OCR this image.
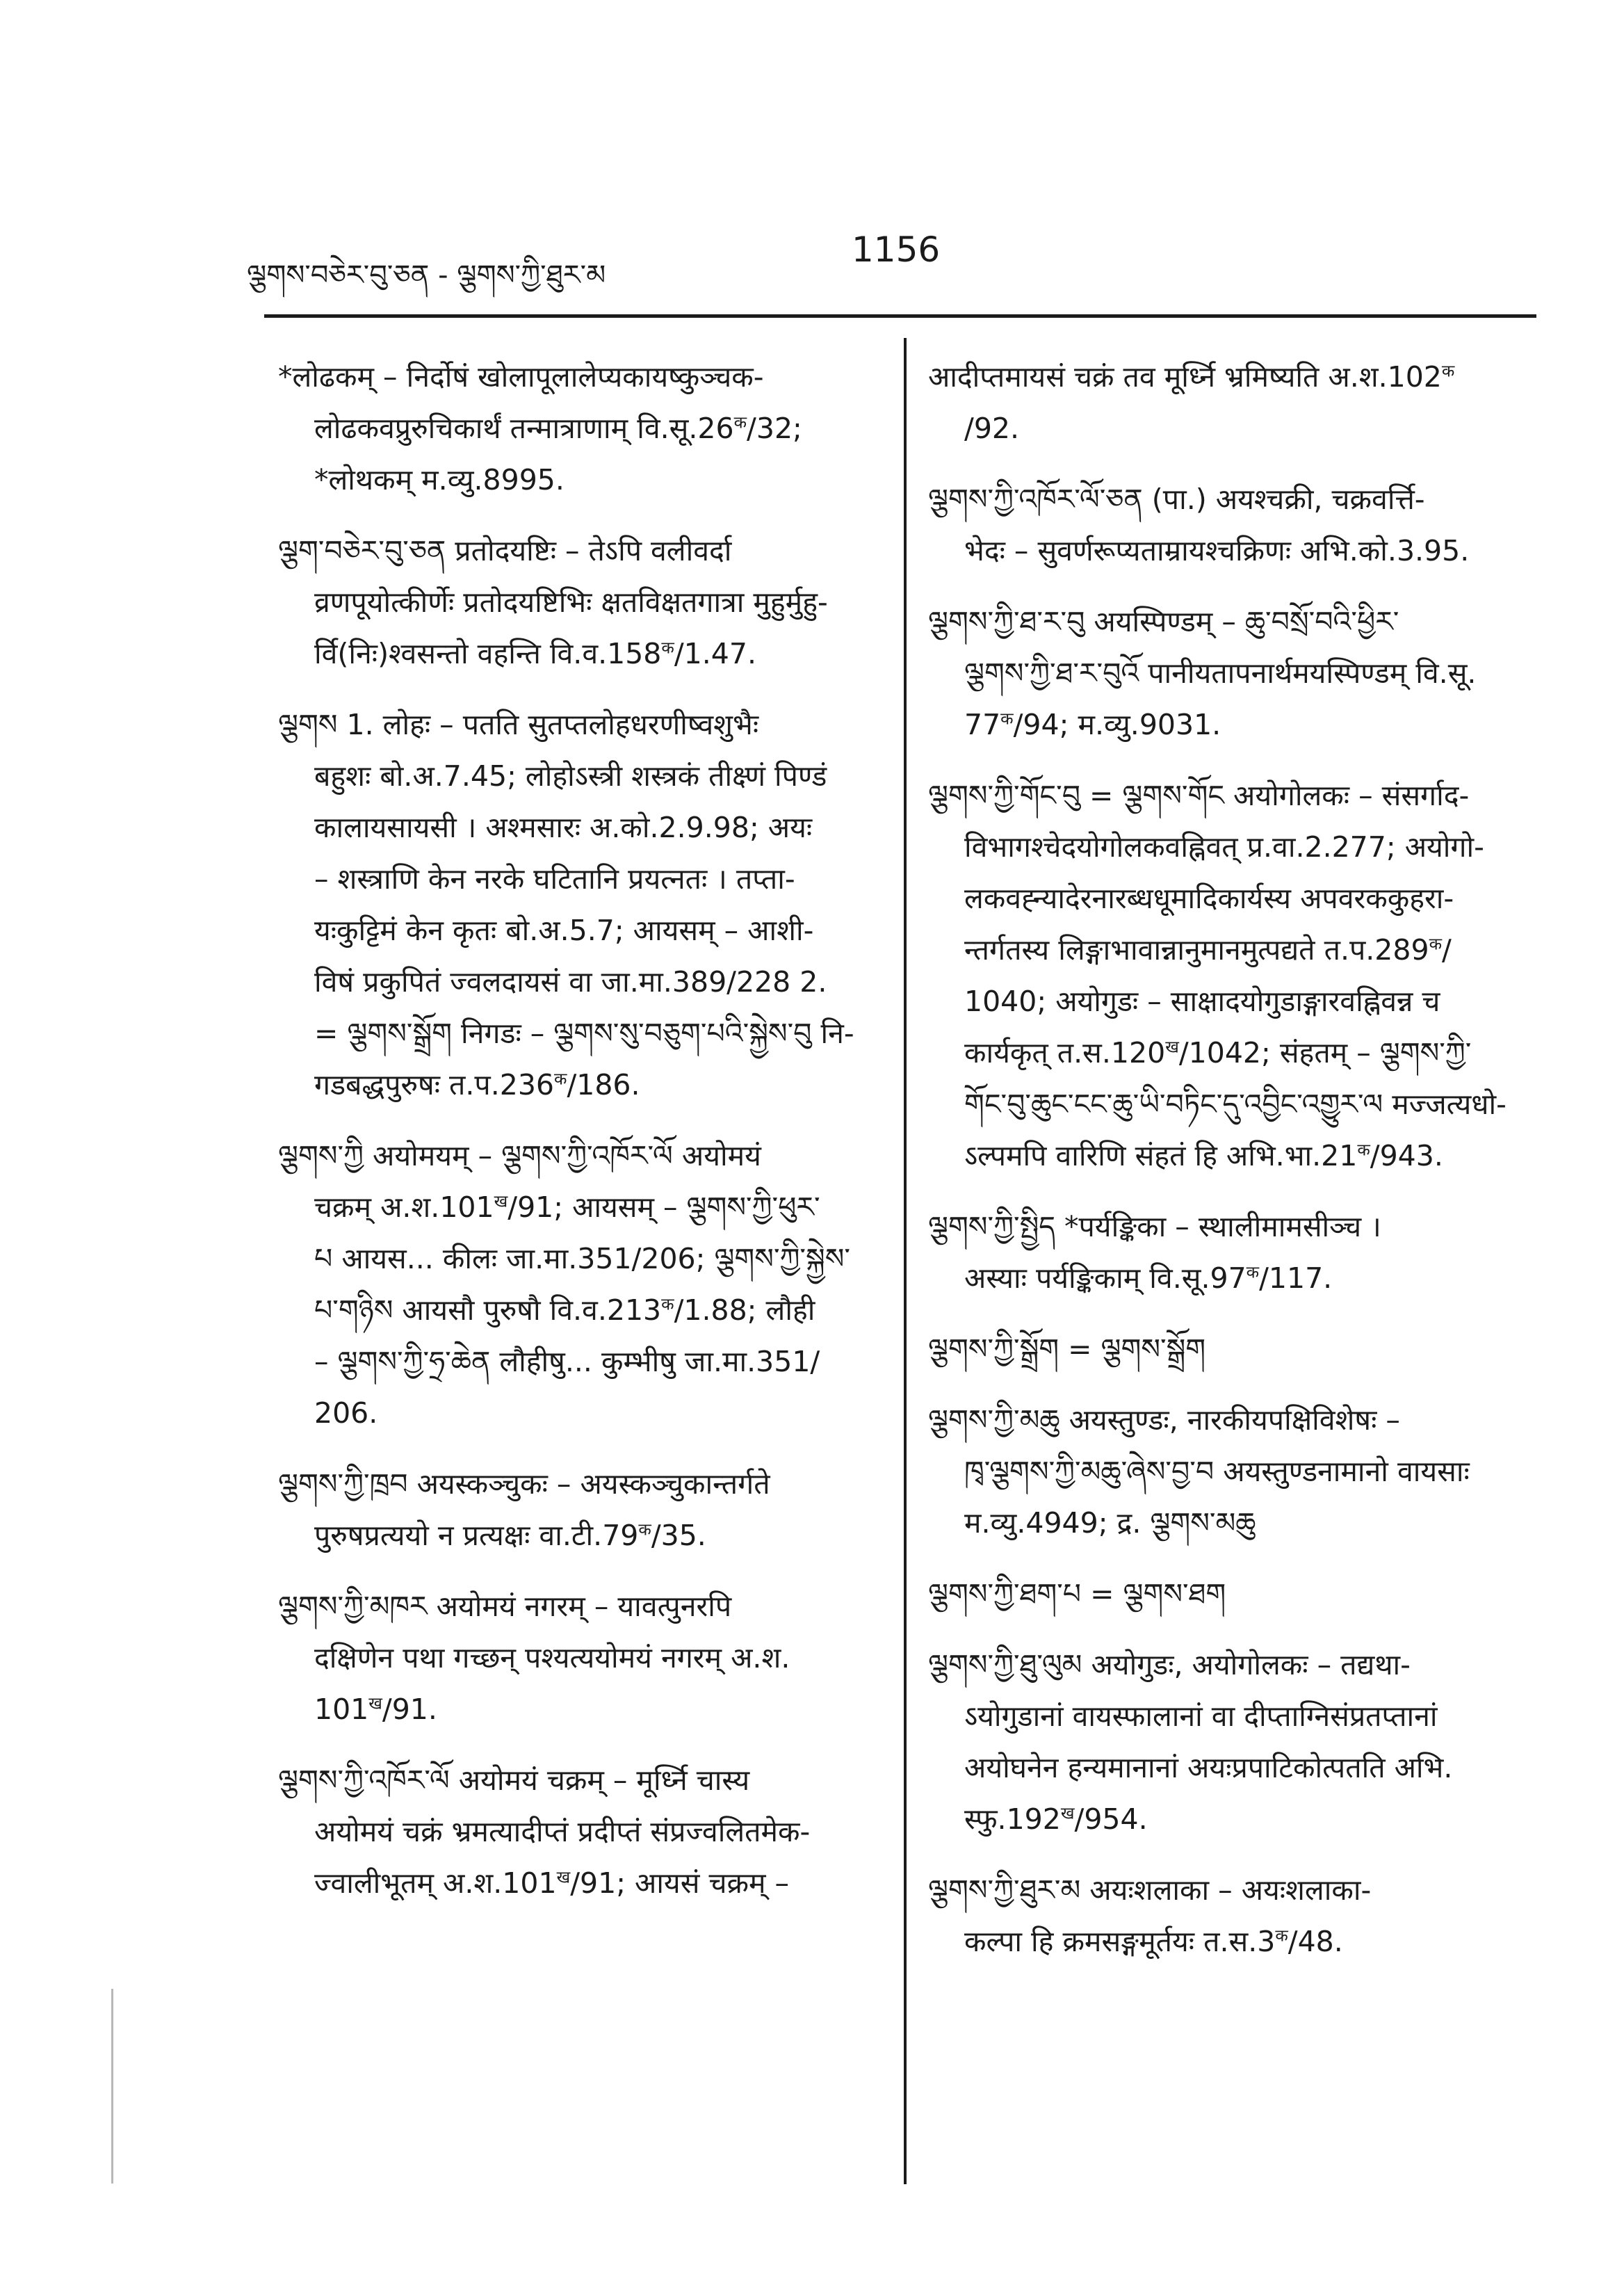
ལྕགས་བཅེར་བུ་ཅན - ལྕགས་ཀྱི་ཐུར་མ
1156

*लोढकम् – निर्दोषं खोलापूलालेप्यकायष्कुञ्चक-
लोढकवप्रुरुचिकार्थं तन्मात्राणाम् $वि.सू.26^क/32$;
*लोथकम् म.व्यु.8995.

ལྕག་བཅེར་བུ་ཅན प्रतोदयष्टिः – तेऽपि वलीवर्दा
व्रणपूयोत्कीर्णेः प्रतोदयष्टिभिः क्षतविक्षतगात्रा मुहुर्मुहु-
र्वि(निः)श्वसन्तो वहन्ति $वि.व.158^क/1.47$.

ལྕགས 1. लोहः – पतति सुतप्तलोहधरणीष्वशुभैः
बहुशः बो.अ.7.45; लोहोऽस्त्री शस्त्रकं तीक्ष्णं पिण्डं
कालायसायसी । अश्मसारः अ.को.2.9.98; अयः
– शस्त्राणि केन नरके घटितानि प्रयत्नतः । तप्ता-
यःकुट्टिमं केन कृतः बो.अ.5.7; आयसम् – आशी-
विषं प्रकुपितं ज्वलदायसं वा जा.मा.389/228 2.
= ལྕགས་སྒྲོག निगडः – ལྕགས་སུ་བཅུག་པའི་སྐྱེས་བུ नि-
गडबद्धपुरुषः $त.प.236^क/186$.

ལྕགས་ཀྱི अयोमयम् – ལྕགས་ཀྱི་འཁོར་ལོ अयोमयं
चक्रम् $अ.श.101^ख/91$; आयसम् – ལྕགས་ཀྱི་ཕུར་
པ आयस... कीलः जा.मा.351/206; ལྕགས་ཀྱི་སྐྱེས་
པ་གཉིས आयसौ पुरुषौ $वि.व.213^क/1.88$; लौही
– ལྕགས་ཀྱི་ཧྲ་ཆེན लौहीषु... कुम्भीषु जा.मा.351/
206.

ལྕགས་ཀྱི་ཁྲབ अयस्कञ्चुकः – अयस्कञ्चुकान्तर्गते
पुरुषप्रत्ययो न प्रत्यक्षः $वा.टी.79^क/35$.

ལྕགས་ཀྱི་མཁར अयोमयं नगरम् – यावत्पुनरपि
दक्षिणेन पथा गच्छन् पश्यत्ययोमयं नगरम् अ.श.
$101^ख/91$.

ལྕགས་ཀྱི་འཁོར་ལོ अयोमयं चक्रम् – मूर्ध्नि चास्य
अयोमयं चक्रं भ्रमत्यादीप्तं प्रदीप्तं संप्रज्वलितमेक-
ज्वालीभूतम् $अ.श.101^ख/91$; आयसं चक्रम् –

आदीप्तमायसं चक्रं तव मूर्ध्नि भ्रमिष्यति $अ.श.102^क$
/92.

ལྕགས་ཀྱི་འཁོར་ལོ་ཅན (पा.) अयश्चक्री, चक्रवर्त्ति-
भेदः – सुवर्णरूप्यताम्रायश्चक्रिणः अभि.को.3.95.

ལྕགས་ཀྱི་ཐ་ར་བུ अयस्पिण्डम् – ཆུ་བསྲོ་བའི་ཕྱིར་
ལྕགས་ཀྱི་ཐ་ར་བུའོ पानीयतापनार्थमयस्पिण्डम् वि.सू.
$77^क/94$; म.व्यु.9031.

ལྕགས་ཀྱི་གོང་བུ = ལྕགས་གོང अयोगोलकः – संसर्गाद-
विभागश्चेदयोगोलकवह्निवत् प्र.वा.2.277; अयोगो-
लकवह्न्यादेरनारब्धधूमादिकार्यस्य अपवरककुहरा-
न्तर्गतस्य लिङ्गाभावान्नानुमानमुत्पद्यते $त.प.289^क/$
1040; अयोगुडः – साक्षादयोगुडाङ्गारवह्निवन्न च
कार्यकृत् $त.स.120^ख/1042$; संहतम् – ལྕགས་ཀྱི་
གོང་བུ་ཆུང་ངང་ཆུ་ཡི་བཏིང་དུ་འབྱིང་འགྱུར་ལ मज्जत्यधो-
ऽल्पमपि वारिणि संहतं हि $अभि.भा.21^क/943$.

ལྕགས་ཀྱི་སྤྱིད *पर्यङ्किका – स्थालीमामसीञ्च ।
अस्याः पर्यङ्किकाम् $वि.सू.97^क/117$.

ལྕགས་ཀྱི་སྒྲོག = ལྕགས་སྒྲོག

ལྕགས་ཀྱི་མཆུ अयस्तुण्डः, नारकीयपक्षिविशेषः –
ཁྭ་ལྕགས་ཀྱི་མཆུ་ཞེས་བྱ་བ अयस्तुण्डनामानो वायसाः
म.व्यु.4949; द्र. ལྕགས་མཆུ

ལྕགས་ཀྱི་ཐག་པ = ལྕགས་ཐག

ལྕགས་ཀྱི་ཐུ་ལུམ अयोगुडः, अयोगोलकः – तद्यथा-
ऽयोगुडानां वायस्फालानां वा दीप्ताग्निसंप्रतप्तानां
अयोघनेन हन्यमानानां अयःप्रपाटिकोत्पतति अभि.
$स्फु.192^ख/954$.

ལྕགས་ཀྱི་ཐུར་མ अयःशलाका – अयःशलाका-
कल्पा हि क्रमसङ्गमूर्तयः $त.स.3^क/48$.
